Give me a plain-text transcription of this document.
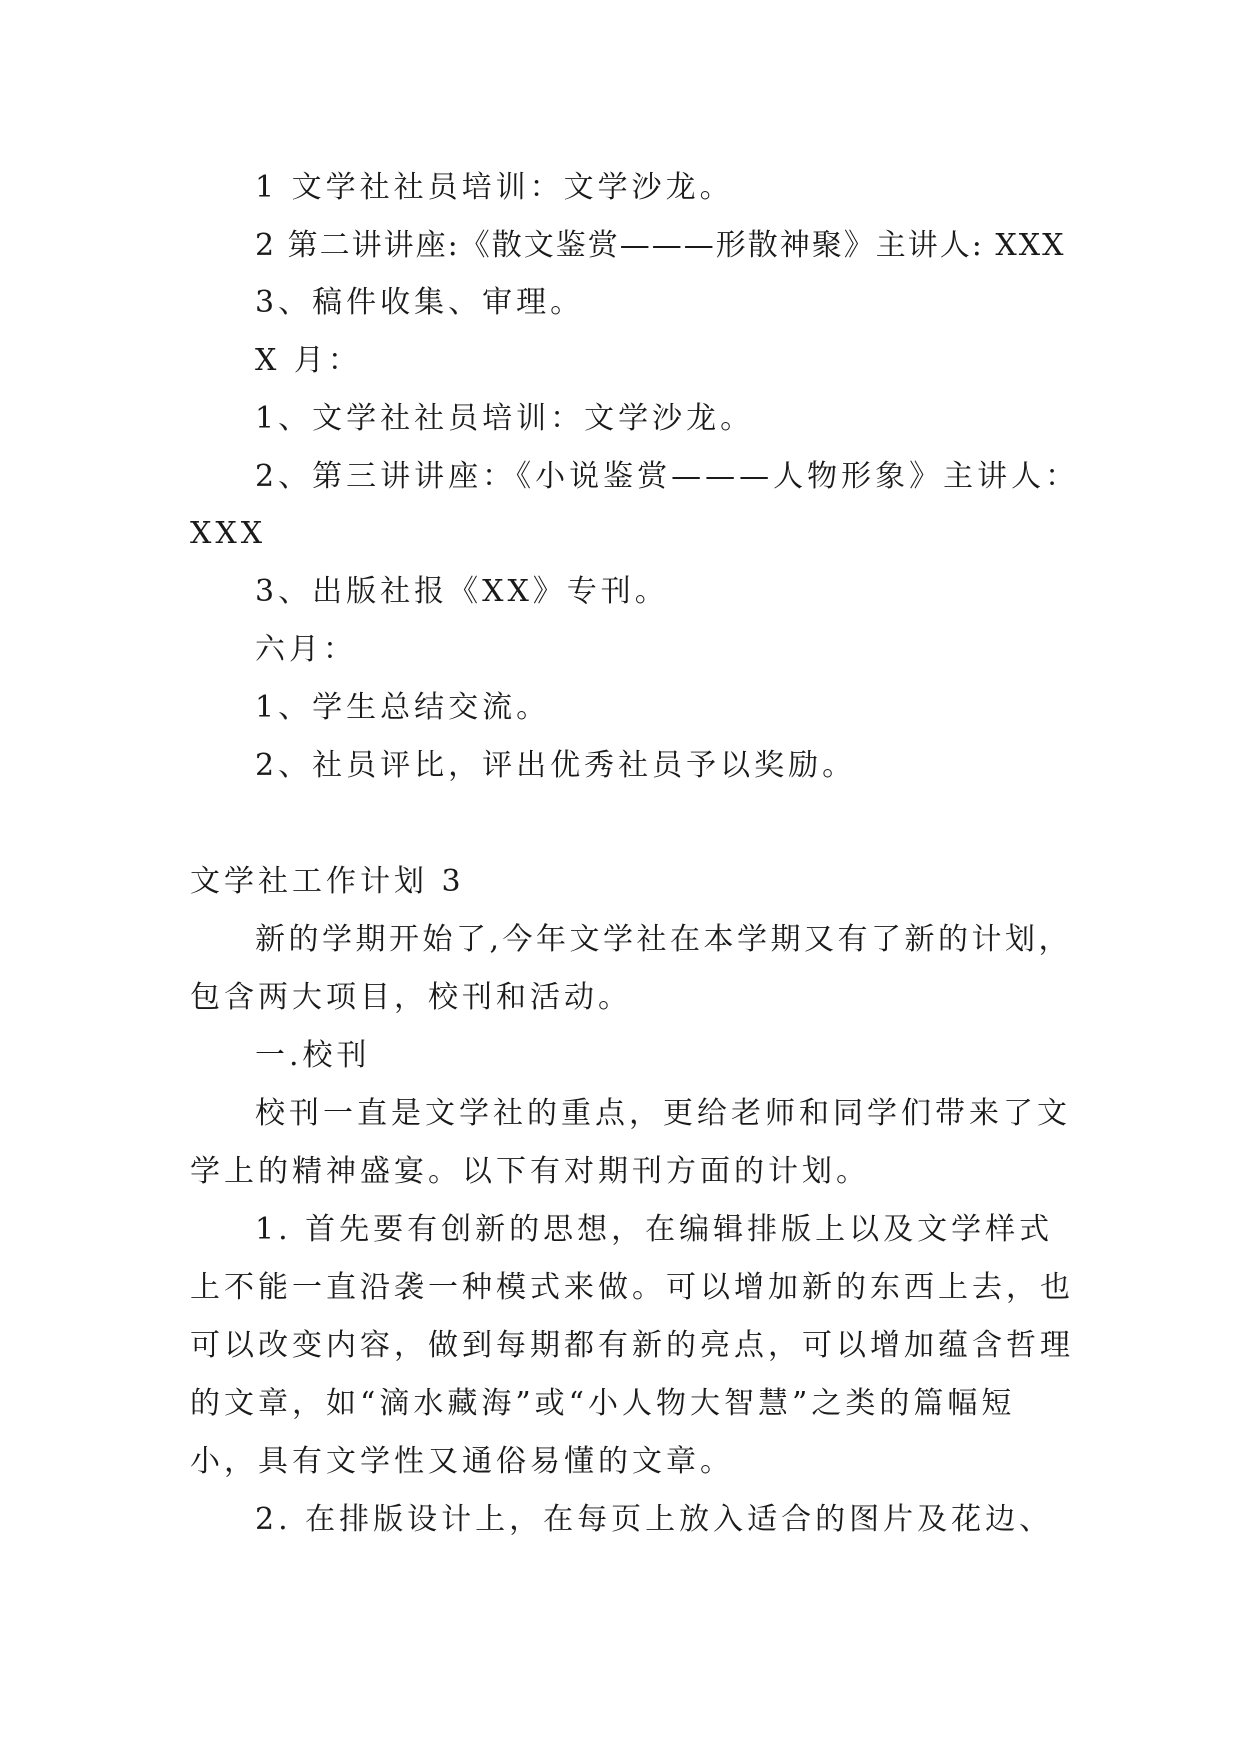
1 文学社社员培训：文学沙龙。

2 第二讲讲座:《散文鉴赏———形散神聚》主讲人: XXX

3、稿件收集、审理。

X 月：

1、文学社社员培训：文学沙龙。

2、第三讲讲座：《小说鉴赏———人物形象》主讲人：

XXX

3、出版社报《XX》专刊。

六月：

1、学生总结交流。

2、社员评比，评出优秀社员予以奖励。

文学社工作计划 3

新的学期开始了,今年文学社在本学期又有了新的计划，

包含两大项目，校刊和活动。

一.校刊

校刊一直是文学社的重点，更给老师和同学们带来了文

学上的精神盛宴。以下有对期刊方面的计划。

1. 首先要有创新的思想，在编辑排版上以及文学样式

上不能一直沿袭一种模式来做。可以增加新的东西上去，也

可以改变内容，做到每期都有新的亮点，可以增加蕴含哲理

的文章，如“滴水藏海”或“小人物大智慧”之类的篇幅短

小，具有文学性又通俗易懂的文章。

2. 在排版设计上，在每页上放入适合的图片及花边、
